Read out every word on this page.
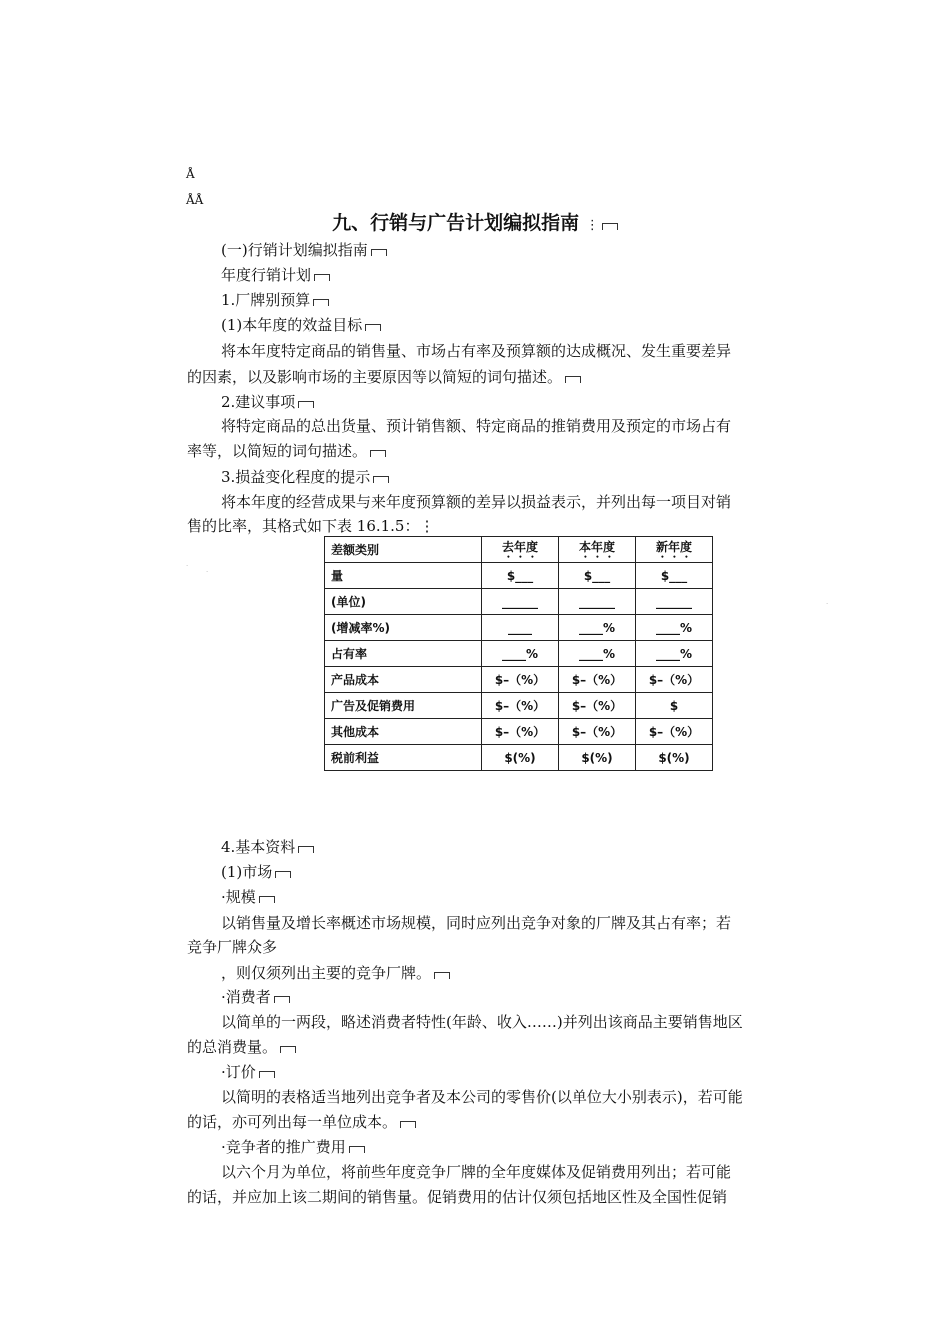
Å
ÅÅ
九、行销与广告计划编拟指南 ⋮
(一)行销计划编拟指南
年度行销计划
1.厂牌别预算
(1)本年度的效益目标
将本年度特定商品的销售量、市场占有率及预算额的达成概况、发生重要差异
的因素，以及影响市场的主要原因等以简短的词句描述。
2.建议事项
将特定商品的总出货量、预计销售额、特定商品的推销费用及预定的市场占有
率等，以简短的词句描述。
3.损益变化程度的提示
将本年度的经营成果与来年度预算额的差异以损益表示，并列出每一项目对销
售的比率，其格式如下表 16.1.5：⋮
·
·
·
差额类别	去年度	本年度	新年度
量	$___	$___	$___
(单位)	______	______	______
(增减率%)	____	____%	____%
占有率	____%	____%	____%
产品成本	$–（%）	$–（%）	$–（%）
广告及促销费用	$–（%）	$–（%）	$
其他成本	$–（%）	$–（%）	$–（%）
税前利益	$(%)	$(%)	$(%)
4.基本资料
(1)市场
·规模
以销售量及增长率概述市场规模，同时应列出竞争对象的厂牌及其占有率；若
竞争厂牌众多
，则仅须列出主要的竞争厂牌。
·消费者
以简单的一两段，略述消费者特性(年龄、收入……)并列出该商品主要销售地区
的总消费量。
·订价
以简明的表格适当地列出竞争者及本公司的零售价(以单位大小别表示)，若可能
的话，亦可列出每一单位成本。
·竞争者的推广费用
以六个月为单位，将前些年度竞争厂牌的全年度媒体及促销费用列出；若可能
的话，并应加上该二期间的销售量。促销费用的估计仅须包括地区性及全国性促销
